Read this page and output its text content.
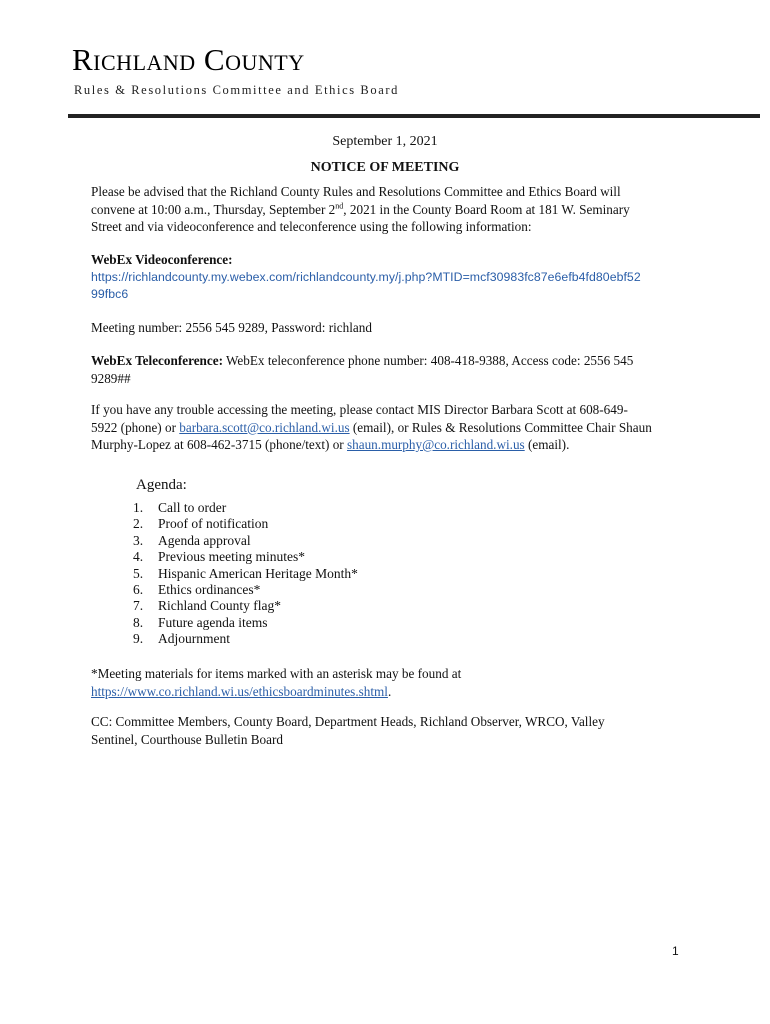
Richland County
Rules & Resolutions Committee and Ethics Board
September 1, 2021
NOTICE OF MEETING
Please be advised that the Richland County Rules and Resolutions Committee and Ethics Board will
convene at 10:00 a.m., Thursday, September 2nd, 2021 in the County Board Room at 181 W. Seminary
Street and via videoconference and teleconference using the following information:
WebEx Videoconference:
https://richlandcounty.my.webex.com/richlandcounty.my/j.php?MTID=mcf30983fc87e6efb4fd80ebf52
99fbc6
Meeting number: 2556 545 9289, Password: richland
WebEx Teleconference: WebEx teleconference phone number: 408-418-9388, Access code: 2556 545
9289##
If you have any trouble accessing the meeting, please contact MIS Director Barbara Scott at 608-649-
5922 (phone) or barbara.scott@co.richland.wi.us (email), or Rules & Resolutions Committee Chair Shaun
Murphy-Lopez at 608-462-3715 (phone/text) or shaun.murphy@co.richland.wi.us (email).
Agenda:
1.	Call to order
2.	Proof of notification
3.	Agenda approval
4.	Previous meeting minutes*
5.	Hispanic American Heritage Month*
6.	Ethics ordinances*
7.	Richland County flag*
8.	Future agenda items
9.	Adjournment
*Meeting materials for items marked with an asterisk may be found at
https://www.co.richland.wi.us/ethicsboardminutes.shtml.
CC: Committee Members, County Board, Department Heads, Richland Observer, WRCO, Valley
Sentinel, Courthouse Bulletin Board
1
